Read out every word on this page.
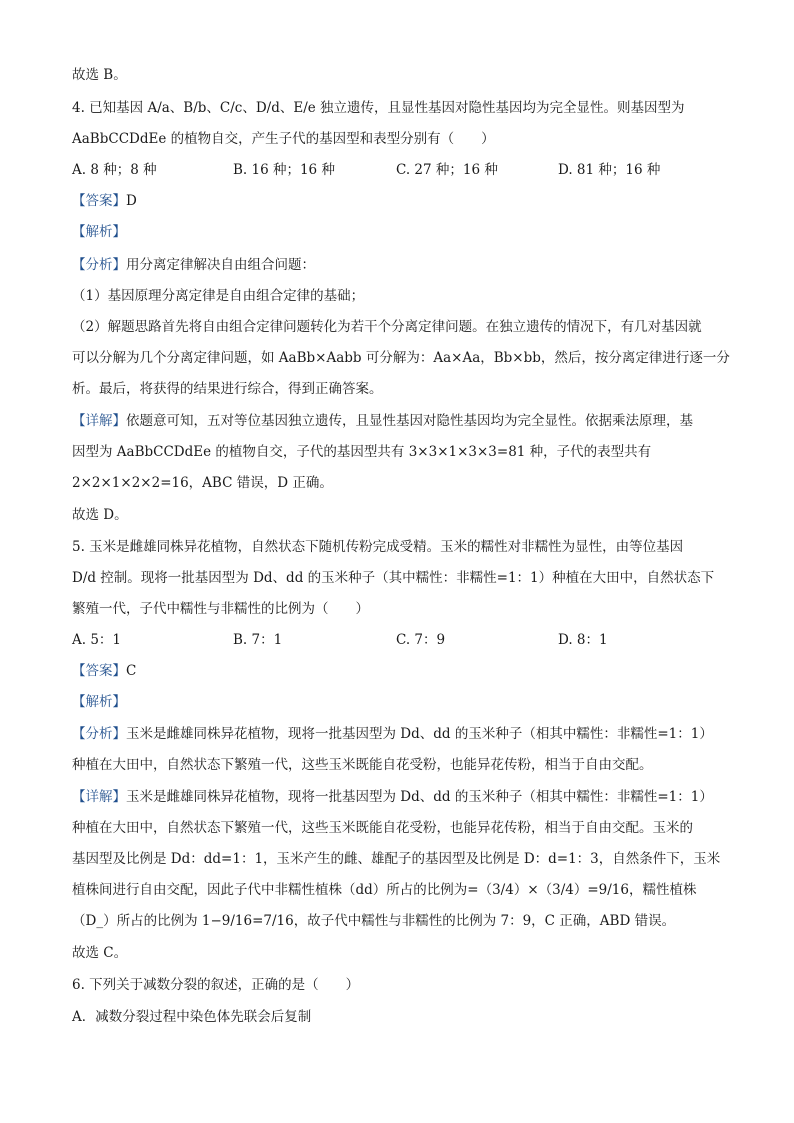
故选 B。
4. 已知基因 A/a、B/b、C/c、D/d、E/e 独立遗传，且显性基因对隐性基因均为完全显性。则基因型为
AaBbCCDdEe 的植物自交，产生子代的基因型和表型分别有（　　）
A. 8 种；8 种	B. 16 种；16 种	C. 27 种；16 种	D. 81 种；16 种
【答案】D
【解析】
【分析】用分离定律解决自由组合问题：
（1）基因原理分离定律是自由组合定律的基础；
（2）解题思路首先将自由组合定律问题转化为若干个分离定律问题。在独立遗传的情况下，有几对基因就
可以分解为几个分离定律问题，如 AaBb×Aabb 可分解为：Aa×Aa，Bb×bb，然后，按分离定律进行逐一分
析。最后，将获得的结果进行综合，得到正确答案。
【详解】依题意可知，五对等位基因独立遗传，且显性基因对隐性基因均为完全显性。依据乘法原理，基
因型为 AaBbCCDdEe 的植物自交，子代的基因型共有 3×3×1×3×3=81 种，子代的表型共有
2×2×1×2×2=16，ABC 错误，D 正确。
故选 D。
5. 玉米是雌雄同株异花植物，自然状态下随机传粉完成受精。玉米的糯性对非糯性为显性，由等位基因
D/d 控制。现将一批基因型为 Dd、dd 的玉米种子（其中糯性：非糯性=1：1）种植在大田中，自然状态下
繁殖一代，子代中糯性与非糯性的比例为（　　）
A. 5：1	B. 7：1	C. 7：9	D. 8：1
【答案】C
【解析】
【分析】玉米是雌雄同株异花植物，现将一批基因型为 Dd、dd 的玉米种子（相其中糯性：非糯性=1：1）
种植在大田中，自然状态下繁殖一代，这些玉米既能自花受粉，也能异花传粉，相当于自由交配。
【详解】玉米是雌雄同株异花植物，现将一批基因型为 Dd、dd 的玉米种子（相其中糯性：非糯性=1：1）
种植在大田中，自然状态下繁殖一代，这些玉米既能自花受粉，也能异花传粉，相当于自由交配。玉米的
基因型及比例是 Dd：dd=1：1，玉米产生的雌、雄配子的基因型及比例是 D：d=1：3，自然条件下，玉米
植株间进行自由交配，因此子代中非糯性植株（dd）所占的比例为=（3/4）×（3/4）=9/16，糯性植株
（D_）所占的比例为 1−9/16=7/16，故子代中糯性与非糯性的比例为 7：9，C 正确，ABD 错误。
故选 C。
6. 下列关于减数分裂的叙述，正确的是（　　）
A．减数分裂过程中染色体先联会后复制
